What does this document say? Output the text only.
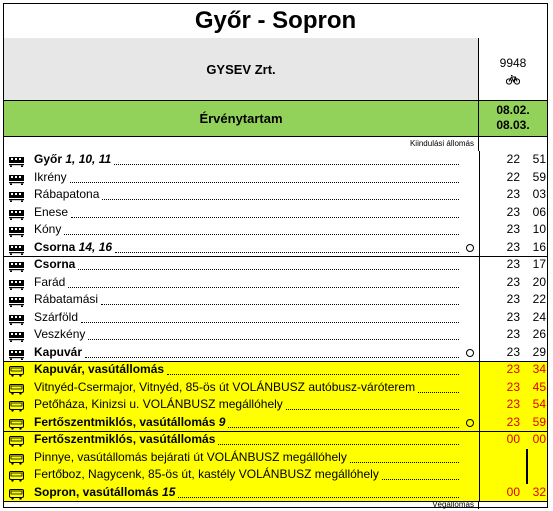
Győr - Sopron
GYSEV Zrt.	9948
Érvénytartam
08.02.
08.03.
Kiindulási állomás
Győr 1, 10, 11	22	51
Ikrény	22	59
Rábapatona	23	03
Enese	23	06
Kóny	23	10
Csorna 14, 16	23	16
Csorna	23	17
Farád	23	20
Rábatamási	23	22
Szárföld	23	24
Veszkény	23	26
Kapuvár	23	29
Kapuvár, vasútállomás	23	34
Vitnyéd-Csermajor, Vitnyéd, 85-ös út VOLÁNBUSZ autóbusz-váróterem	23	45
Petőháza, Kinizsi u. VOLÁNBUSZ megállóhely	23	54
Fertőszentmiklós, vasútállomás 9	23	59
Fertőszentmiklós, vasútállomás	00	00
Pinnye, vasútállomás bejárati út VOLÁNBUSZ megállóhely
Fertőboz, Nagycenk, 85-ös út, kastély VOLÁNBUSZ megállóhely
Sopron, vasútállomás 15	00	32
Végállomás
